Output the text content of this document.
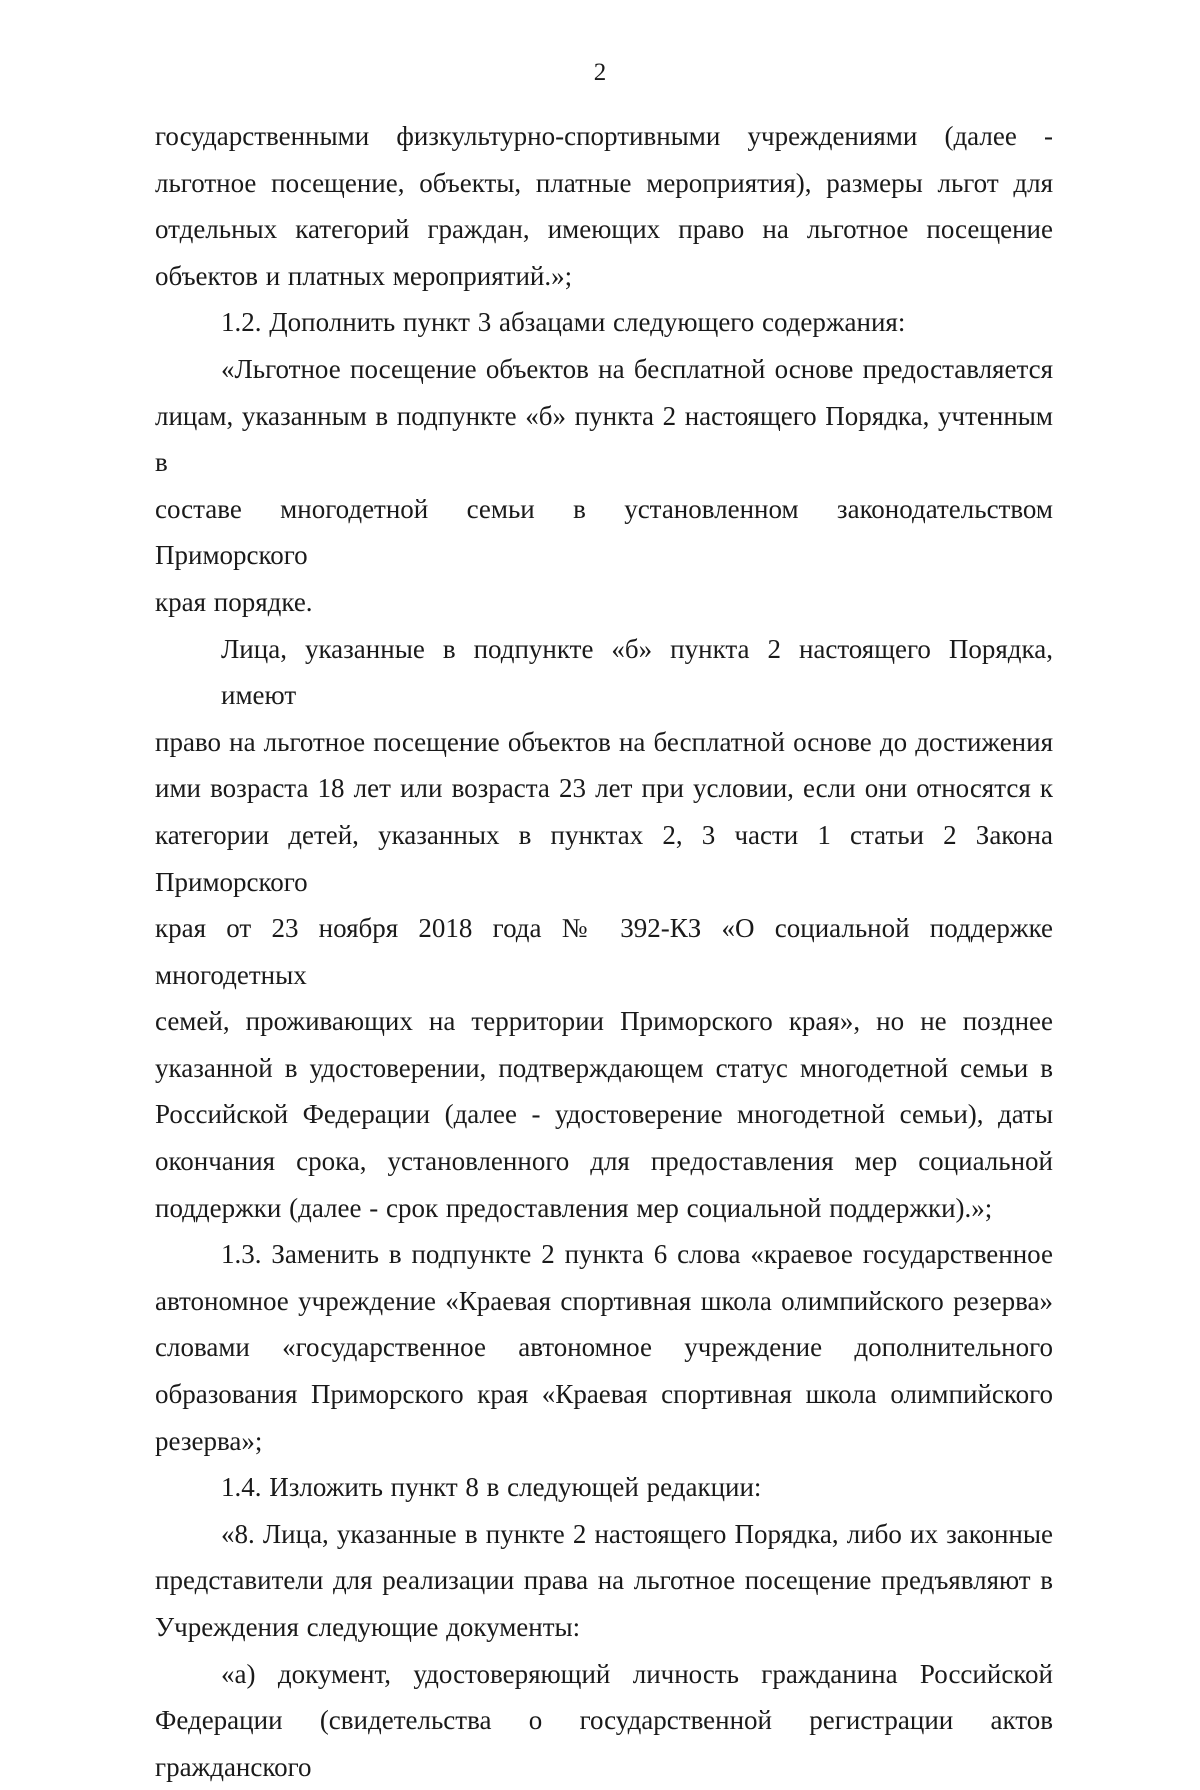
2
государственными физкультурно-спортивными учреждениями (далее -
льготное посещение, объекты, платные мероприятия), размеры льгот для
отдельных категорий граждан, имеющих право на льготное посещение
объектов и платных мероприятий.»;
1.2. Дополнить пункт 3 абзацами следующего содержания:
«Льготное посещение объектов на бесплатной основе предоставляется
лицам, указанным в подпункте «б» пункта 2 настоящего Порядка, учтенным в
составе многодетной семьи в установленном законодательством Приморского
края порядке.
Лица, указанные в подпункте «б» пункта 2 настоящего Порядка, имеют
право на льготное посещение объектов на бесплатной основе до достижения
ими возраста 18 лет или возраста 23 лет при условии, если они относятся к
категории детей, указанных в пунктах 2, 3 части 1 статьи 2 Закона Приморского
края от 23 ноября 2018 года № 392-КЗ «О социальной поддержке многодетных
семей, проживающих на территории Приморского края», но не позднее
указанной в удостоверении, подтверждающем статус многодетной семьи в
Российской Федерации (далее - удостоверение многодетной семьи), даты
окончания срока, установленного для предоставления мер социальной
поддержки (далее - срок предоставления мер социальной поддержки).»;
1.3. Заменить в подпункте 2 пункта 6 слова «краевое государственное
автономное учреждение «Краевая спортивная школа олимпийского резерва»
словами «государственное автономное учреждение дополнительного
образования Приморского края «Краевая спортивная школа олимпийского
резерва»;
1.4. Изложить пункт 8 в следующей редакции:
«8. Лица, указанные в пункте 2 настоящего Порядка, либо их законные
представители для реализации права на льготное посещение предъявляют в
Учреждения следующие документы:
«а) документ, удостоверяющий личность гражданина Российской
Федерации (свидетельства о государственной регистрации актов гражданского
